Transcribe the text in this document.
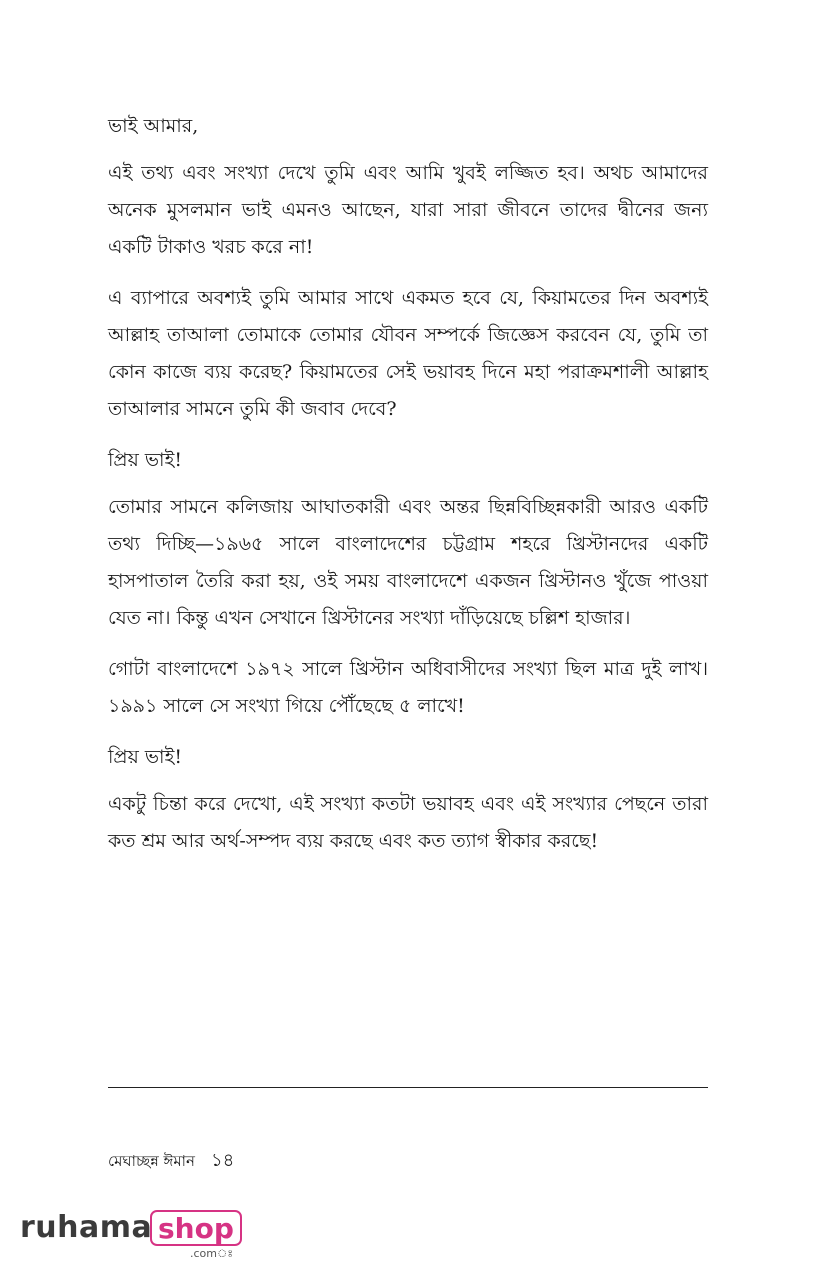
ভাই আমার,

এই তথ্য এবং সংখ্যা দেখে তুমি এবং আমি খুবই লজ্জিত হব। অথচ আমাদের অনেক মুসলমান ভাই এমনও আছেন, যারা সারা জীবনে তাদের দ্বীনের জন্য একটি টাকাও খরচ করে না!

এ ব্যাপারে অবশ্যই তুমি আমার সাথে একমত হবে যে, কিয়ামতের দিন অবশ্যই আল্লাহ তাআলা তোমাকে তোমার যৌবন সম্পর্কে জিজ্ঞেস করবেন যে, তুমি তা কোন কাজে ব্যয় করেছ? কিয়ামতের সেই ভয়াবহ দিনে মহা পরাক্রমশালী আল্লাহ তাআলার সামনে তুমি কী জবাব দেবে?

প্রিয় ভাই!

তোমার সামনে কলিজায় আঘাতকারী এবং অন্তর ছিন্নবিচ্ছিন্নকারী আরও একটি তথ্য দিচ্ছি—১৯৬৫ সালে বাংলাদেশের চট্টগ্রাম শহরে খ্রিস্টানদের একটি হাসপাতাল তৈরি করা হয়, ওই সময় বাংলাদেশে একজন খ্রিস্টানও খুঁজে পাওয়া যেত না। কিন্তু এখন সেখানে খ্রিস্টানের সংখ্যা দাঁড়িয়েছে চল্লিশ হাজার।

গোটা বাংলাদেশে ১৯৭২ সালে খ্রিস্টান অধিবাসীদের সংখ্যা ছিল মাত্র দুই লাখ। ১৯৯১ সালে সে সংখ্যা গিয়ে পৌঁছেছে ৫ লাখে!

প্রিয় ভাই!

একটু চিন্তা করে দেখো, এই সংখ্যা কতটা ভয়াবহ এবং এই সংখ্যার পেছনে তারা কত শ্রম আর অর্থ-সম্পদ ব্যয় করছে এবং কত ত্যাগ স্বীকার করছে!

মেঘাচ্ছন্ন ঈমান ১৪
ruhama shop
.comঃ
